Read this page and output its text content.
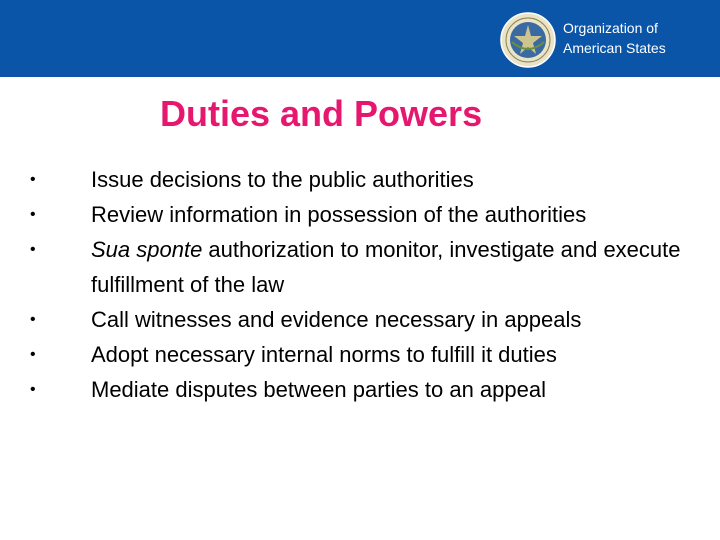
Organization of
American States
Duties and Powers
•	Issue decisions to the public authorities
•	Review information in possession of the authorities
•	Sua sponte authorization to monitor, investigate and execute fulfillment of the law
•	Call witnesses and evidence necessary in appeals
•	Adopt necessary internal norms to fulfill it duties
•	Mediate disputes between parties to an appeal
